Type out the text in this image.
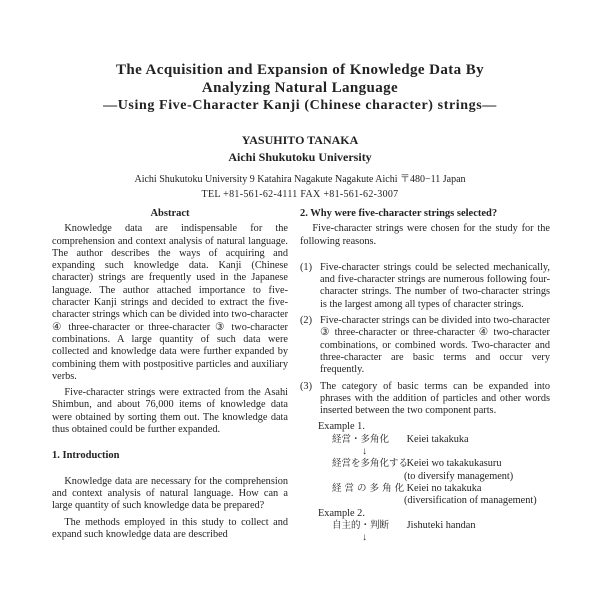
The Acquisition and Expansion of Knowledge Data By
Analyzing Natural Language
—Using Five-Character Kanji (Chinese character) strings—
YASUHITO TANAKA
Aichi Shukutoku University
Aichi Shukutoku University 9 Katahira Nagakute Nagakute Aichi 〒480−11 Japan
TEL +81-561-62-4111 FAX +81-561-62-3007
Abstract

Knowledge data are indispensable for the comprehension and context analysis of natural language. The author describes the ways of acquiring and expanding such knowledge data. Kanji (Chinese character) strings are frequently used in the Japanese language. The author attached importance to five-character Kanji strings and decided to extract the five-character strings which can be divided into two-character ④ three-character or three-character ③ two-character combinations. A large quantity of such data were collected and knowledge data were further expanded by combining them with postpositive particles and auxiliary verbs.

Five-character strings were extracted from the Asahi Shimbun, and about 76,000 items of knowledge data were obtained by sorting them out. The knowledge data thus obtained could be further expanded.

1. Introduction

Knowledge data are necessary for the comprehension and context analysis of natural language. How can a large quantity of such knowledge data be prepared?

The methods employed in this study to collect and expand such knowledge data are described

2. Why were five-character strings selected?

Five-character strings were chosen for the study for the following reasons.

(1) Five-character strings could be selected mechanically, and five-character strings are numerous following four-character strings. The number of two-character strings is the largest among all types of character strings.
(2) Five-character strings can be divided into two-character ③ three-character or three-character ④ two-character combinations, or combined words. Two-character and three-character are basic terms and occur very frequently.
(3) The category of basic terms can be expanded into phrases with the addition of particles and other words inserted between the two component parts.

Example 1.

経営・多角化 Keiei takakuka

↓

経営を多角化する Keiei wo takakukasuru

(to diversify management)

経 営 の 多 角 化 Keiei no takakuka

(diversification of management)

Example 2.

自主的・判断 Jishuteki handan

↓
